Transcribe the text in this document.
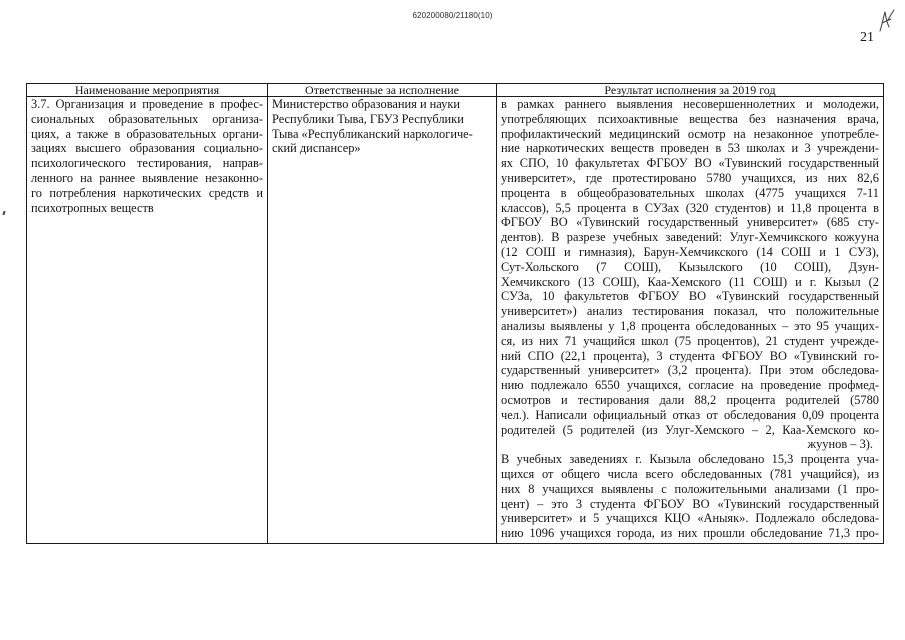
620200080/21180(10)
21
Наименование мероприятия	Ответственные за исполнение	Результат исполнения за 2019 год
3.7. Организация и проведение в профес-
сиональных образовательных организа-
циях, а также в образовательных органи-
зациях высшего образования социально-
психологического тестирования, направ-
ленного на раннее выявление незаконно-
го потребления наркотических средств и
психотропных веществ
Министерство образования и науки
Республики Тыва, ГБУЗ Республики
Тыва «Республиканский наркологиче-
ский диспансер»
в рамках раннего выявления несовершеннолетних и молодежи,
употребляющих психоактивные вещества без назначения врача,
профилактический медицинский осмотр на незаконное употребле-
ние наркотических веществ проведен в 53 школах и 3 учреждени-
ях СПО, 10 факультетах ФГБОУ ВО «Тувинский государственный
университет», где протестировано 5780 учащихся, из них 82,6
процента в общеобразовательных школах (4775 учащихся 7-11
классов), 5,5 процента в СУЗах (320 студентов) и 11,8 процента в
ФГБОУ ВО «Тувинский государственный университет» (685 сту-
дентов). В разрезе учебных заведений: Улуг-Хемчикского кожууна
(12 СОШ и гимназия), Барун-Хемчикского (14 СОШ и 1 СУЗ),
Сут-Хольского (7 СОШ), Кызылского (10 СОШ), Дзун-
Хемчикского (13 СОШ), Каа-Хемского (11 СОШ) и г. Кызыл (2
СУЗа, 10 факультетов ФГБОУ ВО «Тувинский государственный
университет») анализ тестирования показал, что положительные
анализы выявлены у 1,8 процента обследованных – это 95 учащих-
ся, из них 71 учащийся школ (75 процентов), 21 студент учрежде-
ний СПО (22,1 процента), 3 студента ФГБОУ ВО «Тувинский го-
сударственный университет» (3,2 процента). При этом обследова-
нию подлежало 6550 учащихся, согласие на проведение профмед-
осмотров и тестирования дали 88,2 процента родителей (5780
чел.). Написали официальный отказ от обследования 0,09 процента
родителей (5 родителей (из Улуг-Хемского – 2, Каа-Хемского ко-
жуунов – 3).
В учебных заведениях г. Кызыла обследовано 15,3 процента уча-
щихся от общего числа всего обследованных (781 учащийся), из
них 8 учащихся выявлены с положительными анализами (1 про-
цент) – это 3 студента ФГБОУ ВО «Тувинский государственный
университет» и 5 учащихся КЦО «Аныяк». Подлежало обследова-
нию 1096 учащихся города, из них прошли обследование 71,3 про-
